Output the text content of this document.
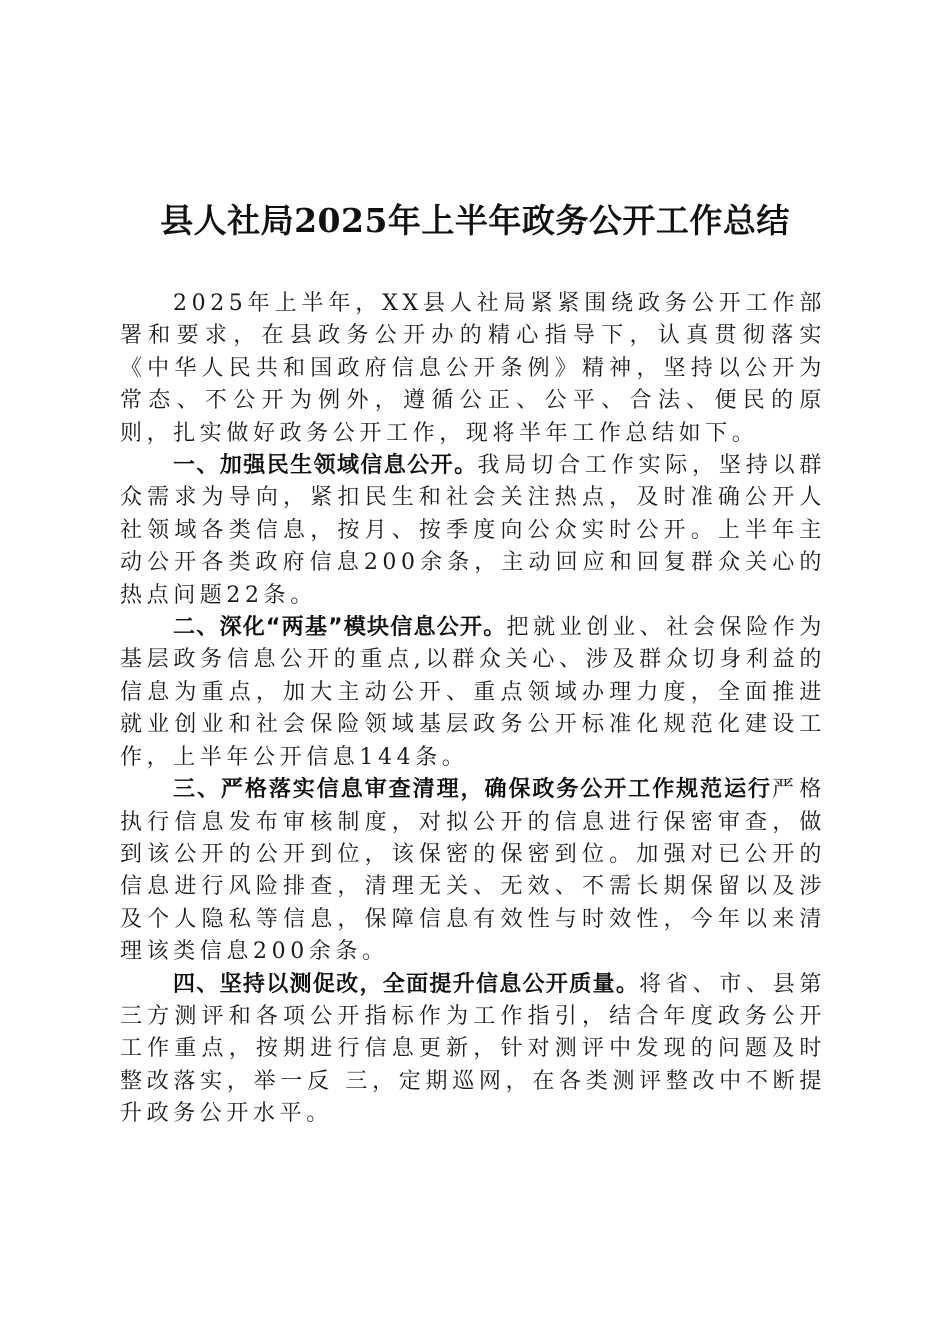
县人社局2025年上半年政务公开工作总结

2025年上半年，XX县人社局紧紧围绕政务公开工作部署和要求，在县政务公开办的精心指导下，认真贯彻落实《中华人民共和国政府信息公开条例》精神，坚持以公开为常态、不公开为例外，遵循公正、公平、合法、便民的原则，扎实做好政务公开工作，现将半年工作总结如下。

一、加强民生领域信息公开。我局切合工作实际，坚持以群众需求为导向，紧扣民生和社会关注热点，及时准确公开人社领域各类信息，按月、按季度向公众实时公开。上半年主动公开各类政府信息200余条，主动回应和回复群众关心的热点问题22条。

二、深化“两基”模块信息公开。把就业创业、社会保险作为基层政务信息公开的重点,以群众关心、涉及群众切身利益的信息为重点，加大主动公开、重点领域办理力度，全面推进就业创业和社会保险领域基层政务公开标准化规范化建设工作，上半年公开信息144条。

三、严格落实信息审查清理，确保政务公开工作规范运行严格执行信息发布审核制度，对拟公开的信息进行保密审查，做到该公开的公开到位，该保密的保密到位。加强对已公开的信息进行风险排查，清理无关、无效、不需长期保留以及涉及个人隐私等信息，保障信息有效性与时效性，今年以来清理该类信息200余条。

四、坚持以测促改，全面提升信息公开质量。将省、市、县第三方测评和各项公开指标作为工作指引，结合年度政务公开工作重点，按期进行信息更新，针对测评中发现的问题及时整改落实，举一反 三，定期巡网，在各类测评整改中不断提升政务公开水平。
